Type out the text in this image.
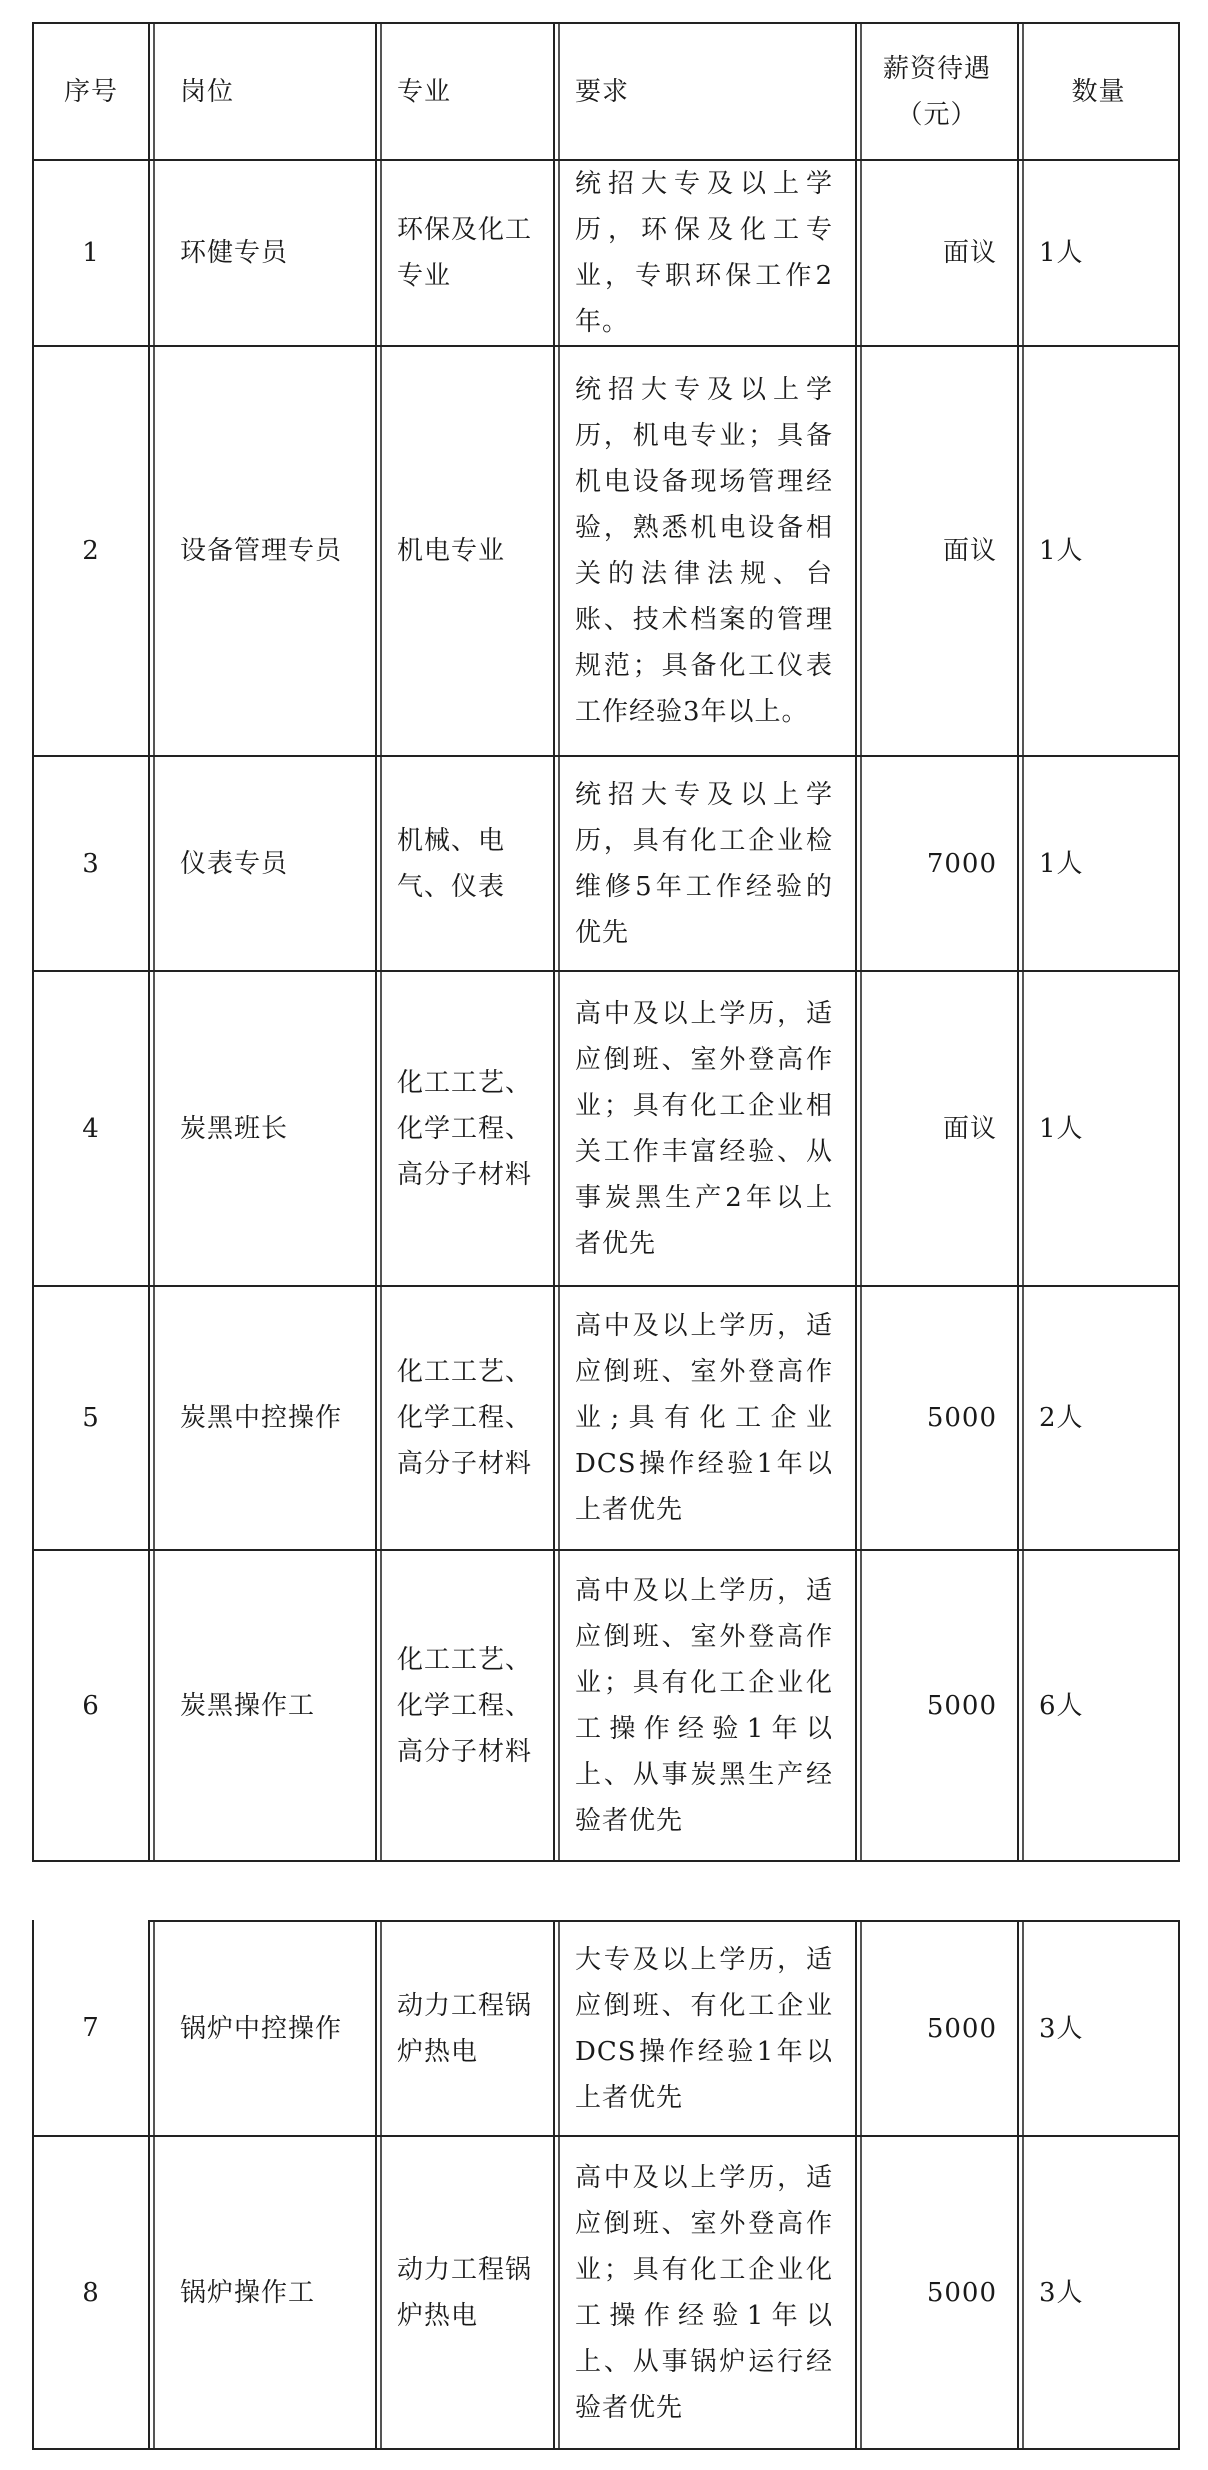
序号	岗位	专业	要求	薪资待遇（元）	数量
1	环健专员	环保及化工专业	统招大专及以上学历，环保及化工专业，专职环保工作2年。	面议	1人
2	设备管理专员	机电专业	统招大专及以上学历，机电专业；具备机电设备现场管理经验，熟悉机电设备相关的法律法规、台账、技术档案的管理规范；具备化工仪表工作经验3年以上。	面议	1人
3	仪表专员	机械、电气、仪表	统招大专及以上学历，具有化工企业检维修5年工作经验的优先	7000	1人
4	炭黑班长	化工工艺、化学工程、高分子材料	高中及以上学历，适应倒班、室外登高作业；具有化工企业相关工作丰富经验、从事炭黑生产2年以上者优先	面议	1人
5	炭黑中控操作	化工工艺、化学工程、高分子材料	高中及以上学历，适应倒班、室外登高作业;具有化工企业DCS操作经验1年以上者优先	5000	2人
6	炭黑操作工	化工工艺、化学工程、高分子材料	高中及以上学历，适应倒班、室外登高作业；具有化工企业化工操作经验1年以上、从事炭黑生产经验者优先	5000	6人
7	锅炉中控操作	动力工程锅炉热电	大专及以上学历，适应倒班、有化工企业DCS操作经验1年以上者优先	5000	3人
8	锅炉操作工	动力工程锅炉热电	高中及以上学历，适应倒班、室外登高作业；具有化工企业化工操作经验1年以上、从事锅炉运行经验者优先	5000	3人
